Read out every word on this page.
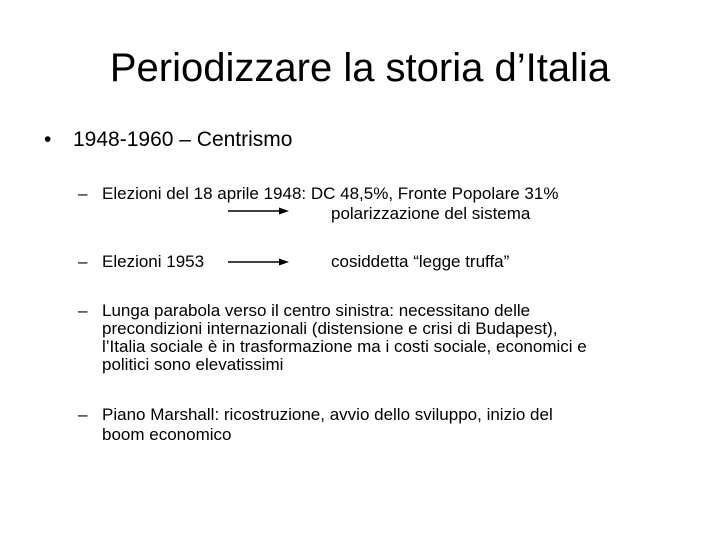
Periodizzare la storia d’Italia
• 1948-1960 – Centrismo
– Elezioni del 18 aprile 1948: DC 48,5%, Fronte Popolare 31%
polarizzazione del sistema
– Elezioni 1953	cosiddetta “legge truffa”
– Lunga parabola verso il centro sinistra: necessitano delle
precondizioni internazionali (distensione e crisi di Budapest),
l’Italia sociale è in trasformazione ma i costi sociale, economici e
politici sono elevatissimi
– Piano Marshall: ricostruzione, avvio dello sviluppo, inizio del
boom economico
